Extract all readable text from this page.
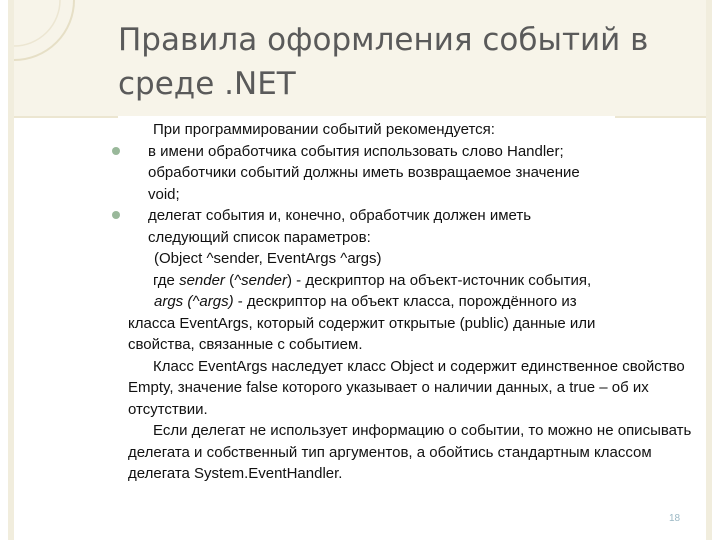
Правила оформления событий в
среде .NET

При программировании событий рекомендуется:

в имени обработчика события использовать слово Handler;
обработчики событий должны иметь возвращаемое значение
void;
делегат события и, конечно, обработчик должен иметь
следующий список параметров:

(Object ^sender, EventArgs ^args)

где sender (^sender) - дескриптор на объект-источник события,

args (^args) - дескриптор на объект класса, порождённого из

класса EventArgs, который содержит открытые (public) данные или

свойства, связанные с событием.

Класс EventArgs наследует класс Object и содержит единственное свойство Empty, значение false которого указывает о наличии данных, а true – об их отсутствии.

Если делегат не использует информацию о событии, то можно не описывать делегата и собственный тип аргументов, а обойтись стандартным классом делегата System.EventHandler.

18
